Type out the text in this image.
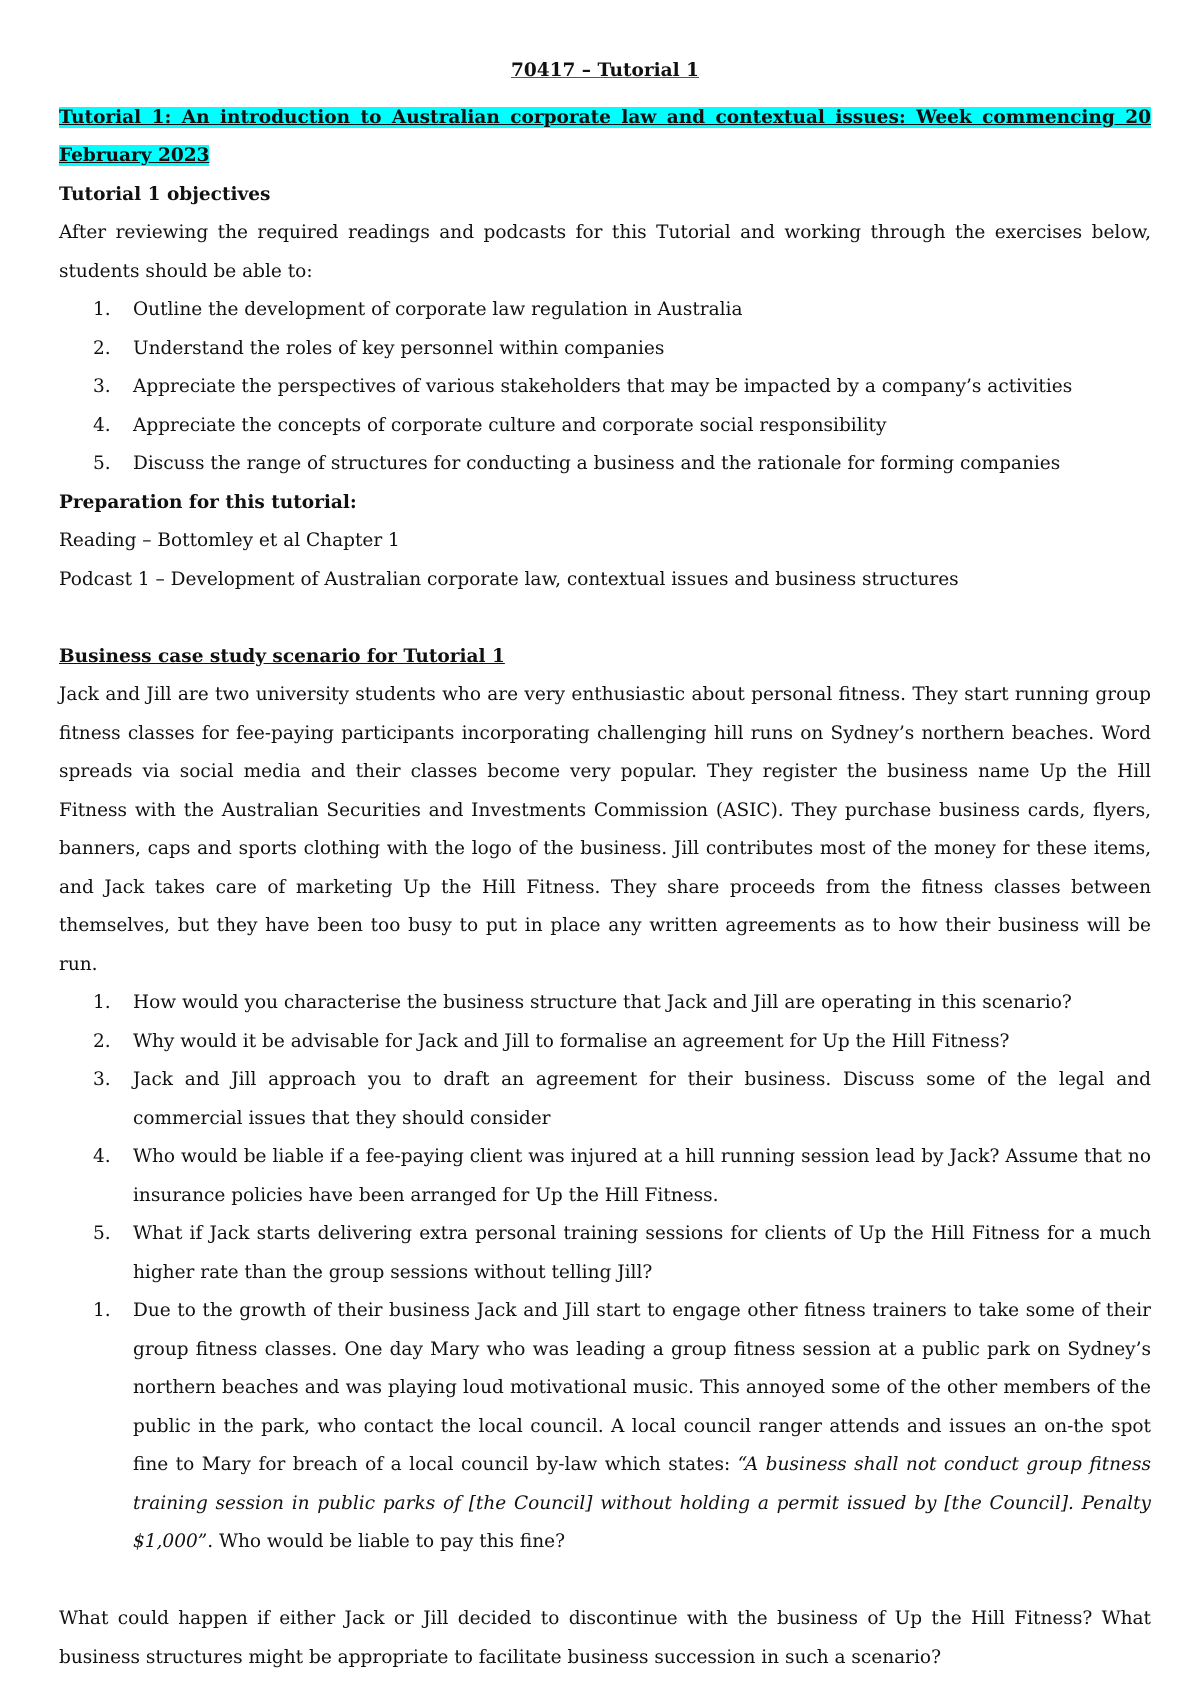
70417 – Tutorial 1

Tutorial 1: An introduction to Australian corporate law and contextual issues: Week commencing 20 February 2023

Tutorial 1 objectives

After reviewing the required readings and podcasts for this Tutorial and working through the exercises below, students should be able to:

1. Outline the development of corporate law regulation in Australia
2. Understand the roles of key personnel within companies
3. Appreciate the perspectives of various stakeholders that may be impacted by a company’s activities
4. Appreciate the concepts of corporate culture and corporate social responsibility
5. Discuss the range of structures for conducting a business and the rationale for forming companies

Preparation for this tutorial:

Reading – Bottomley et al Chapter 1

Podcast 1 – Development of Australian corporate law, contextual issues and business structures

Business case study scenario for Tutorial 1

Jack and Jill are two university students who are very enthusiastic about personal fitness. They start running group fitness classes for fee-paying participants incorporating challenging hill runs on Sydney’s northern beaches. Word spreads via social media and their classes become very popular. They register the business name Up the Hill Fitness with the Australian Securities and Investments Commission (ASIC). They purchase business cards, flyers, banners, caps and sports clothing with the logo of the business. Jill contributes most of the money for these items, and Jack takes care of marketing Up the Hill Fitness. They share proceeds from the fitness classes between themselves, but they have been too busy to put in place any written agreements as to how their business will be run.

1. How would you characterise the business structure that Jack and Jill are operating in this scenario?
2. Why would it be advisable for Jack and Jill to formalise an agreement for Up the Hill Fitness?
3. Jack and Jill approach you to draft an agreement for their business. Discuss some of the legal and commercial issues that they should consider
4. Who would be liable if a fee-paying client was injured at a hill running session lead by Jack? Assume that no insurance policies have been arranged for Up the Hill Fitness.
5. What if Jack starts delivering extra personal training sessions for clients of Up the Hill Fitness for a much higher rate than the group sessions without telling Jill?
1. Due to the growth of their business Jack and Jill start to engage other fitness trainers to take some of their group fitness classes. One day Mary who was leading a group fitness session at a public park on Sydney’s northern beaches and was playing loud motivational music. This annoyed some of the other members of the public in the park, who contact the local council. A local council ranger attends and issues an on-the spot fine to Mary for breach of a local council by-law which states: “A business shall not conduct group fitness training session in public parks of [the Council] without holding a permit issued by [the Council]. Penalty $1,000”. Who would be liable to pay this fine?

What could happen if either Jack or Jill decided to discontinue with the business of Up the Hill Fitness? What business structures might be appropriate to facilitate business succession in such a scenario?
